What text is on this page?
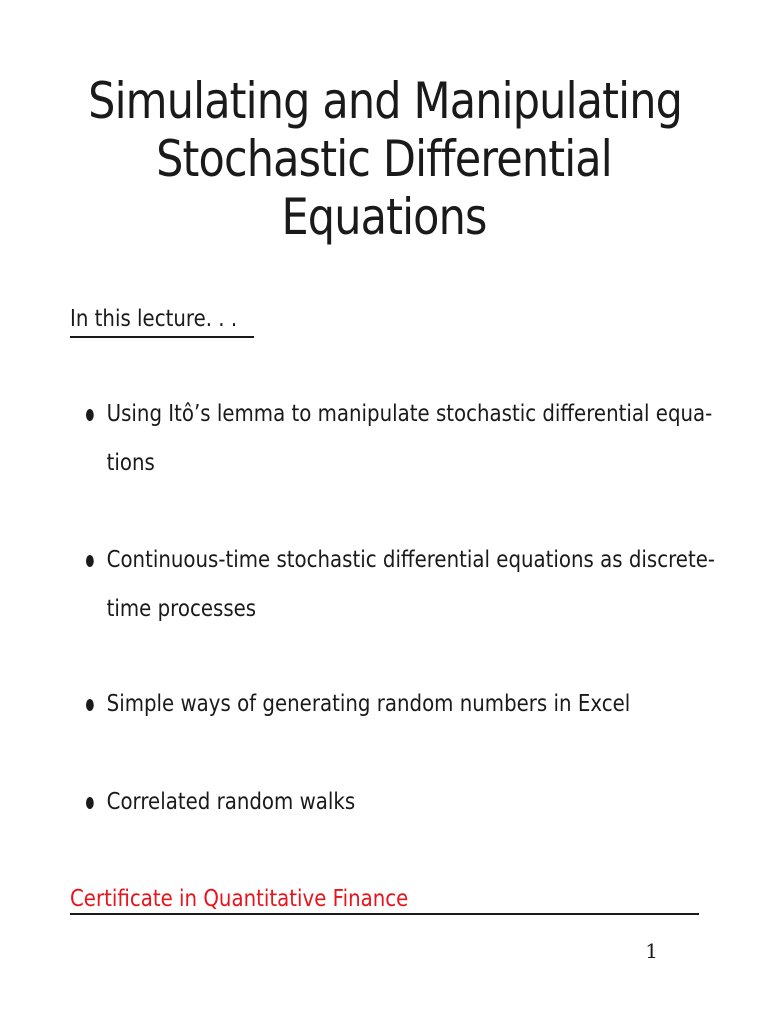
Simulating and Manipulating
Stochastic Differential
Equations
In this lecture. . .
Using Itô’s lemma to manipulate stochastic differential equa-
tions
Continuous-time stochastic differential equations as discrete-
time processes
Simple ways of generating random numbers in Excel
Correlated random walks
Certificate in Quantitative Finance
1
